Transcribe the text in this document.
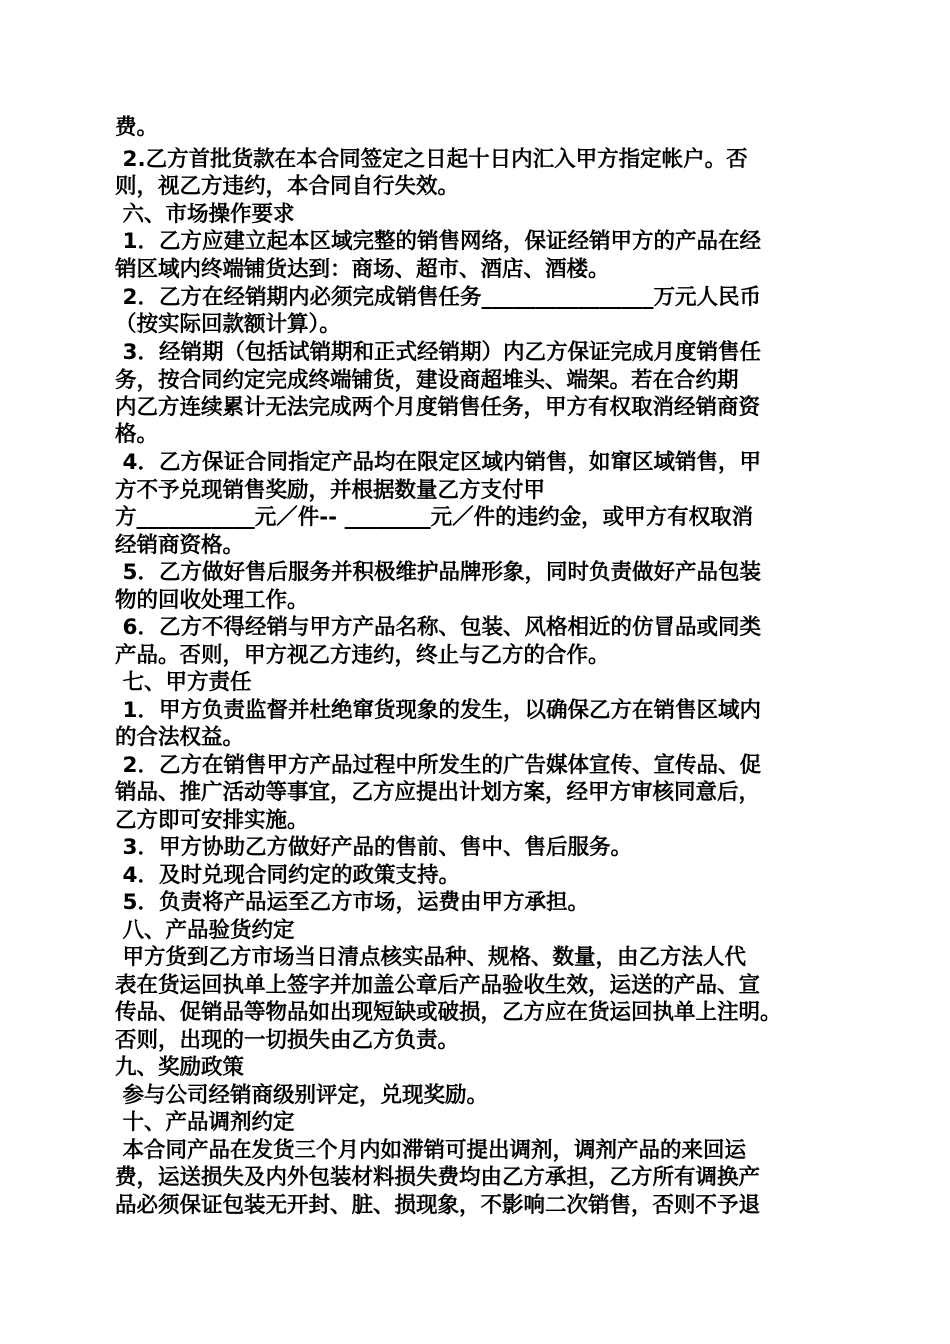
费。
2.乙方首批货款在本合同签定之日起十日内汇入甲方指定帐户。否
则，视乙方违约，本合同自行失效。
六、市场操作要求
1．乙方应建立起本区域完整的销售网络，保证经销甲方的产品在经
销区域内终端铺货达到：商场、超市、酒店、酒楼。
2．乙方在经销期内必须完成销售任务________________万元人民币
（按实际回款额计算）。
3．经销期（包括试销期和正式经销期）内乙方保证完成月度销售任
务，按合同约定完成终端铺货，建设商超堆头、端架。若在合约期
内乙方连续累计无法完成两个月度销售任务，甲方有权取消经销商资
格。
4．乙方保证合同指定产品均在限定区域内销售，如窜区域销售，甲
方不予兑现销售奖励，并根据数量乙方支付甲
方___________元／件-- ________元／件的违约金，或甲方有权取消
经销商资格。
5．乙方做好售后服务并积极维护品牌形象，同时负责做好产品包装
物的回收处理工作。
6．乙方不得经销与甲方产品名称、包装、风格相近的仿冒品或同类
产品。否则，甲方视乙方违约，终止与乙方的合作。
七、甲方责任
1．甲方负责监督并杜绝窜货现象的发生，以确保乙方在销售区域内
的合法权益。
2．乙方在销售甲方产品过程中所发生的广告媒体宣传、宣传品、促
销品、推广活动等事宜，乙方应提出计划方案，经甲方审核同意后，
乙方即可安排实施。
3．甲方协助乙方做好产品的售前、售中、售后服务。
4．及时兑现合同约定的政策支持。
5．负责将产品运至乙方市场，运费由甲方承担。
八、产品验货约定
甲方货到乙方市场当日清点核实品种、规格、数量，由乙方法人代
表在货运回执单上签字并加盖公章后产品验收生效，运送的产品、宣
传品、促销品等物品如出现短缺或破损，乙方应在货运回执单上注明。
否则，出现的一切损失由乙方负责。
九、奖励政策
参与公司经销商级别评定，兑现奖励。
十、产品调剂约定
本合同产品在发货三个月内如滞销可提出调剂，调剂产品的来回运
费，运送损失及内外包装材料损失费均由乙方承担，乙方所有调换产
品必须保证包装无开封、脏、损现象，不影响二次销售，否则不予退
